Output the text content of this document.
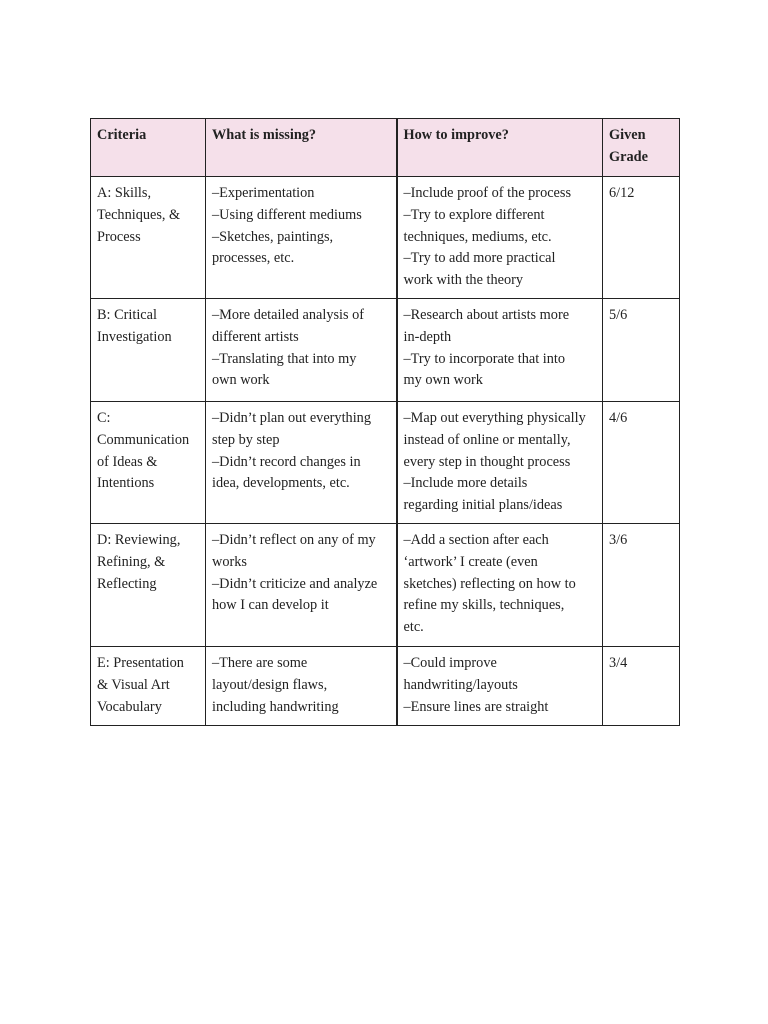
Criteria	What is missing?	How to improve?	Given
Grade

A: Skills,
Techniques, &
Process	–Experimentation
–Using different mediums
–Sketches, paintings,
processes, etc.	–Include proof of the process
–Try to explore different
techniques, mediums, etc.
–Try to add more practical
work with the theory	6/12

B: Critical
Investigation	–More detailed analysis of
different artists
–Translating that into my
own work	–Research about artists more
in-depth
–Try to incorporate that into
my own work	5/6

C:
Communication
of Ideas &
Intentions	–Didn’t plan out everything
step by step
–Didn’t record changes in
idea, developments, etc.	–Map out everything physically
instead of online or mentally,
every step in thought process
–Include more details
regarding initial plans/ideas	4/6

D: Reviewing,
Refining, &
Reflecting	–Didn’t reflect on any of my
works
–Didn’t criticize and analyze
how I can develop it	–Add a section after each
‘artwork’ I create (even
sketches) reflecting on how to
refine my skills, techniques,
etc.	3/6

E: Presentation
& Visual Art
Vocabulary	–There are some
layout/design flaws,
including handwriting	–Could improve
handwriting/layouts
–Ensure lines are straight	3/4
